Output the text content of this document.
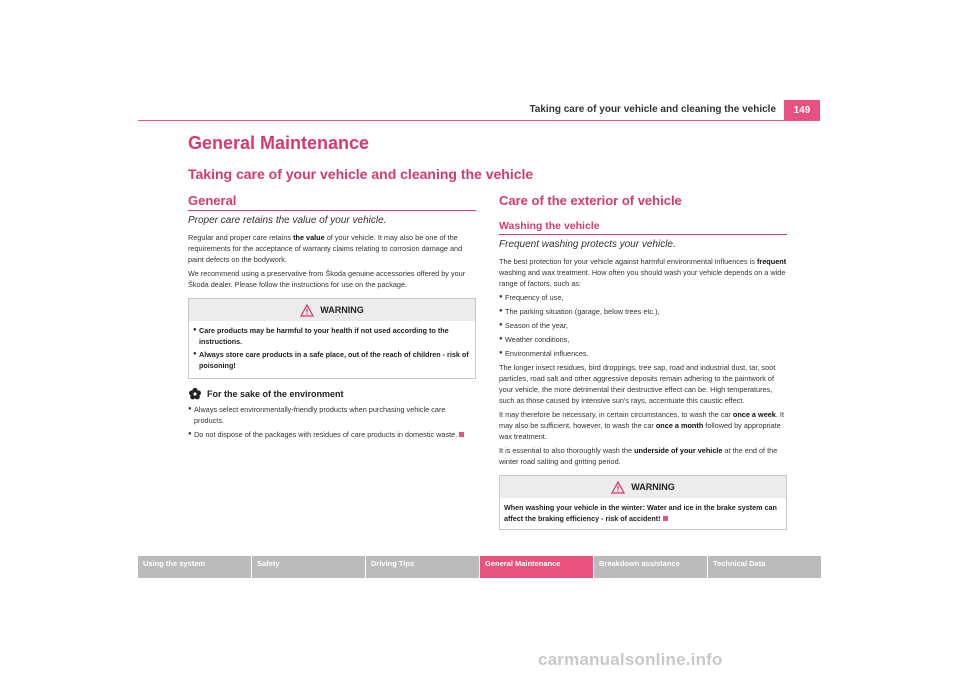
Taking care of your vehicle and cleaning the vehicle	149
General Maintenance
Taking care of your vehicle and cleaning the vehicle
General
Proper care retains the value of your vehicle.

Regular and proper care retains the value of your vehicle. It may also be one of the requirements for the acceptance of warranty claims relating to corrosion damage and paint defects on the bodywork.

We recommend using a preservative from Škoda genuine accessories offered by your Škoda dealer. Please follow the instructions for use on the package.

WARNING
● Care products may be harmful to your health if not used according to the instructions.
● Always store care products in a safe place, out of the reach of children - risk of poisoning!
For the sake of the environment
● Always select environmentally-friendly products when purchasing vehicle care products.
● Do not dispose of the packages with residues of care products in domestic waste.
Care of the exterior of vehicle
Washing the vehicle
Frequent washing protects your vehicle.

The best protection for your vehicle against harmful environmental influences is frequent washing and wax treatment. How often you should wash your vehicle depends on a wide range of factors, such as:

● Frequency of use,
● The parking situation (garage, below trees etc.),
● Season of the year,
● Weather conditions,
● Environmental influences.

The longer insect residues, bird droppings, tree sap, road and industrial dust, tar, soot particles, road salt and other aggressive deposits remain adhering to the paintwork of your vehicle, the more detrimental their destructive effect can be. High temperatures, such as those caused by intensive sun's rays, accentuate this caustic effect.

It may therefore be necessary, in certain circumstances, to wash the car once a week. It may also be sufficient, however, to wash the car once a month followed by appropriate wax treatment.

It is essential to also thoroughly wash the underside of your vehicle at the end of the winter road salting and gritting period.

WARNING

When washing your vehicle in the winter: Water and ice in the brake system can affect the braking efficiency - risk of accident!

Using the system	Safety	Driving Tips	General Maintenance	Breakdown assistance	Technical Data
carmanualsonline.info
